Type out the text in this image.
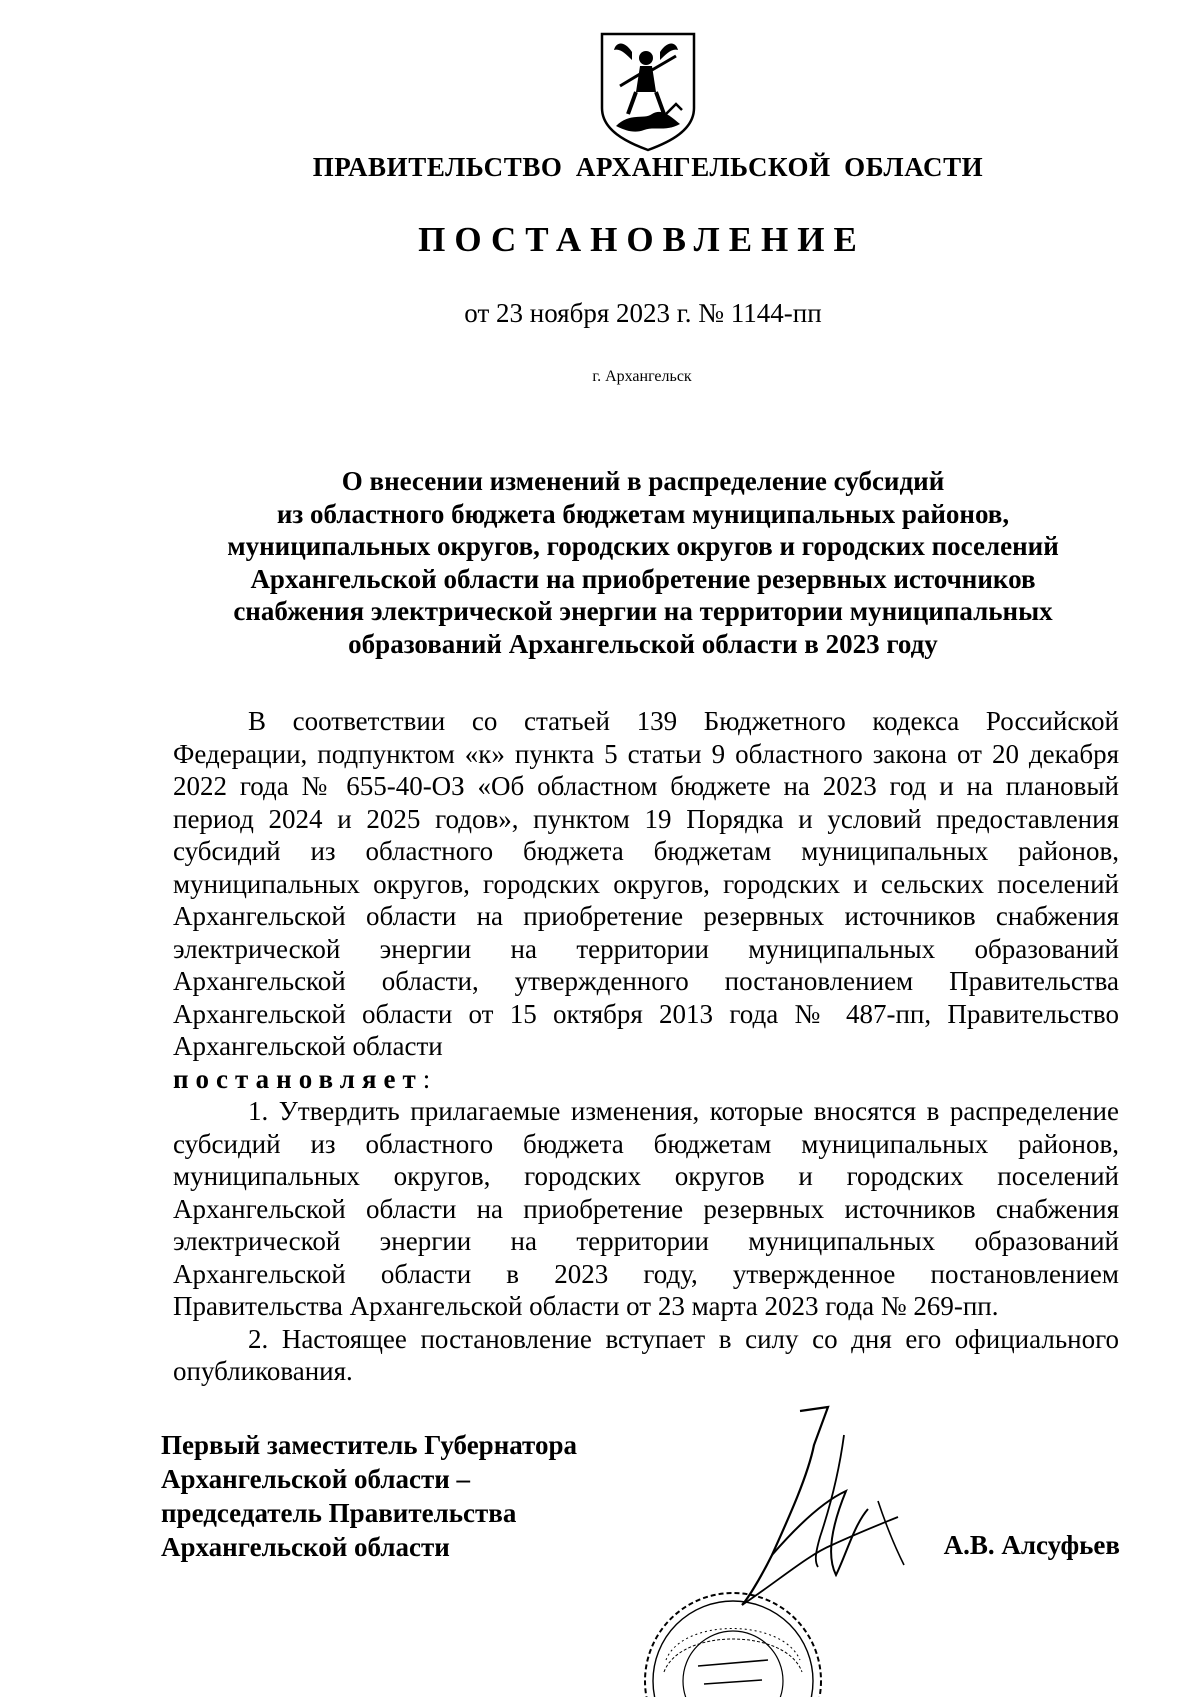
ПРАВИТЕЛЬСТВО АРХАНГЕЛЬСКОЙ ОБЛАСТИ
ПОСТАНОВЛЕНИЕ
от 23 ноября 2023 г. № 1144-пп
г. Архангельск
О внесении изменений в распределение субсидий
из областного бюджета бюджетам муниципальных районов,
муниципальных округов, городских округов и городских поселений
Архангельской области на приобретение резервных источников
снабжения электрической энергии на территории муниципальных
образований Архангельской области в 2023 году
В соответствии со статьей 139 Бюджетного кодекса Российской Федерации, подпунктом «к» пункта 5 статьи 9 областного закона от 20 декабря 2022 года № 655-40-ОЗ «Об областном бюджете на 2023 год и на плановый период 2024 и 2025 годов», пунктом 19 Порядка и условий предоставления субсидий из областного бюджета бюджетам муниципальных районов, муниципальных округов, городских округов, городских и сельских поселений Архангельской области на приобретение резервных источников снабжения электрической энергии на территории муниципальных образований Архангельской области, утвержденного постановлением Правительства Архангельской области от 15 октября 2013 года № 487-пп, Правительство Архангельской области
постановляет:
1. Утвердить прилагаемые изменения, которые вносятся в распределение субсидий из областного бюджета бюджетам муниципальных районов, муниципальных округов, городских округов и городских поселений Архангельской области на приобретение резервных источников снабжения электрической энергии на территории муниципальных образований Архангельской области в 2023 году, утвержденное постановлением Правительства Архангельской области от 23 марта 2023 года № 269-пп.
2. Настоящее постановление вступает в силу со дня его официального опубликования.
Первый заместитель Губернатора
Архангельской области –
председатель Правительства
Архангельской области	А.В. Алсуфьев
